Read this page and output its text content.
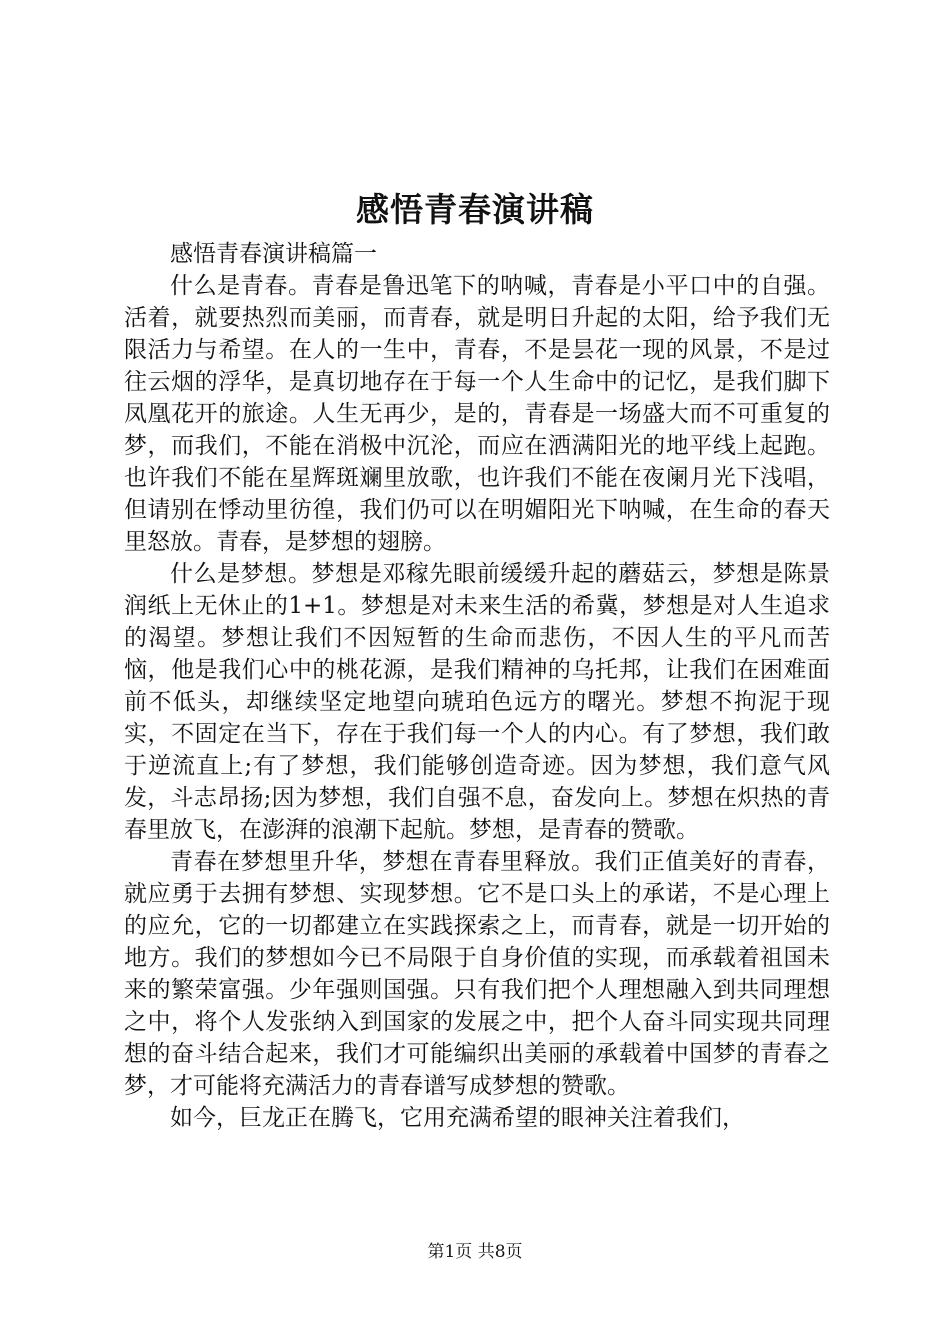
感悟青春演讲稿

感悟青春演讲稿篇一

什么是青春。青春是鲁迅笔下的呐喊，青春是小平口中的自强。活着，就要热烈而美丽，而青春，就是明日升起的太阳，给予我们无限活力与希望。在人的一生中，青春，不是昙花一现的风景，不是过往云烟的浮华，是真切地存在于每一个人生命中的记忆，是我们脚下凤凰花开的旅途。人生无再少，是的，青春是一场盛大而不可重复的梦，而我们，不能在消极中沉沦，而应在洒满阳光的地平线上起跑。也许我们不能在星辉斑斓里放歌，也许我们不能在夜阑月光下浅唱，但请别在悸动里彷徨，我们仍可以在明媚阳光下呐喊，在生命的春天里怒放。青春，是梦想的翅膀。

什么是梦想。梦想是邓稼先眼前缓缓升起的蘑菇云，梦想是陈景润纸上无休止的1+1。梦想是对未来生活的希冀，梦想是对人生追求的渴望。梦想让我们不因短暂的生命而悲伤，不因人生的平凡而苦恼，他是我们心中的桃花源，是我们精神的乌托邦，让我们在困难面前不低头，却继续坚定地望向琥珀色远方的曙光。梦想不拘泥于现实，不固定在当下，存在于我们每一个人的内心。有了梦想，我们敢于逆流直上;有了梦想，我们能够创造奇迹。因为梦想，我们意气风发，斗志昂扬;因为梦想，我们自强不息，奋发向上。梦想在炽热的青春里放飞，在澎湃的浪潮下起航。梦想，是青春的赞歌。

青春在梦想里升华，梦想在青春里释放。我们正值美好的青春，就应勇于去拥有梦想、实现梦想。它不是口头上的承诺，不是心理上的应允，它的一切都建立在实践探索之上，而青春，就是一切开始的地方。我们的梦想如今已不局限于自身价值的实现，而承载着祖国未来的繁荣富强。少年强则国强。只有我们把个人理想融入到共同理想之中，将个人发张纳入到国家的发展之中，把个人奋斗同实现共同理想的奋斗结合起来，我们才可能编织出美丽的承载着中国梦的青春之梦，才可能将充满活力的青春谱写成梦想的赞歌。

如今，巨龙正在腾飞，它用充满希望的眼神关注着我们，

第1页 共8页
